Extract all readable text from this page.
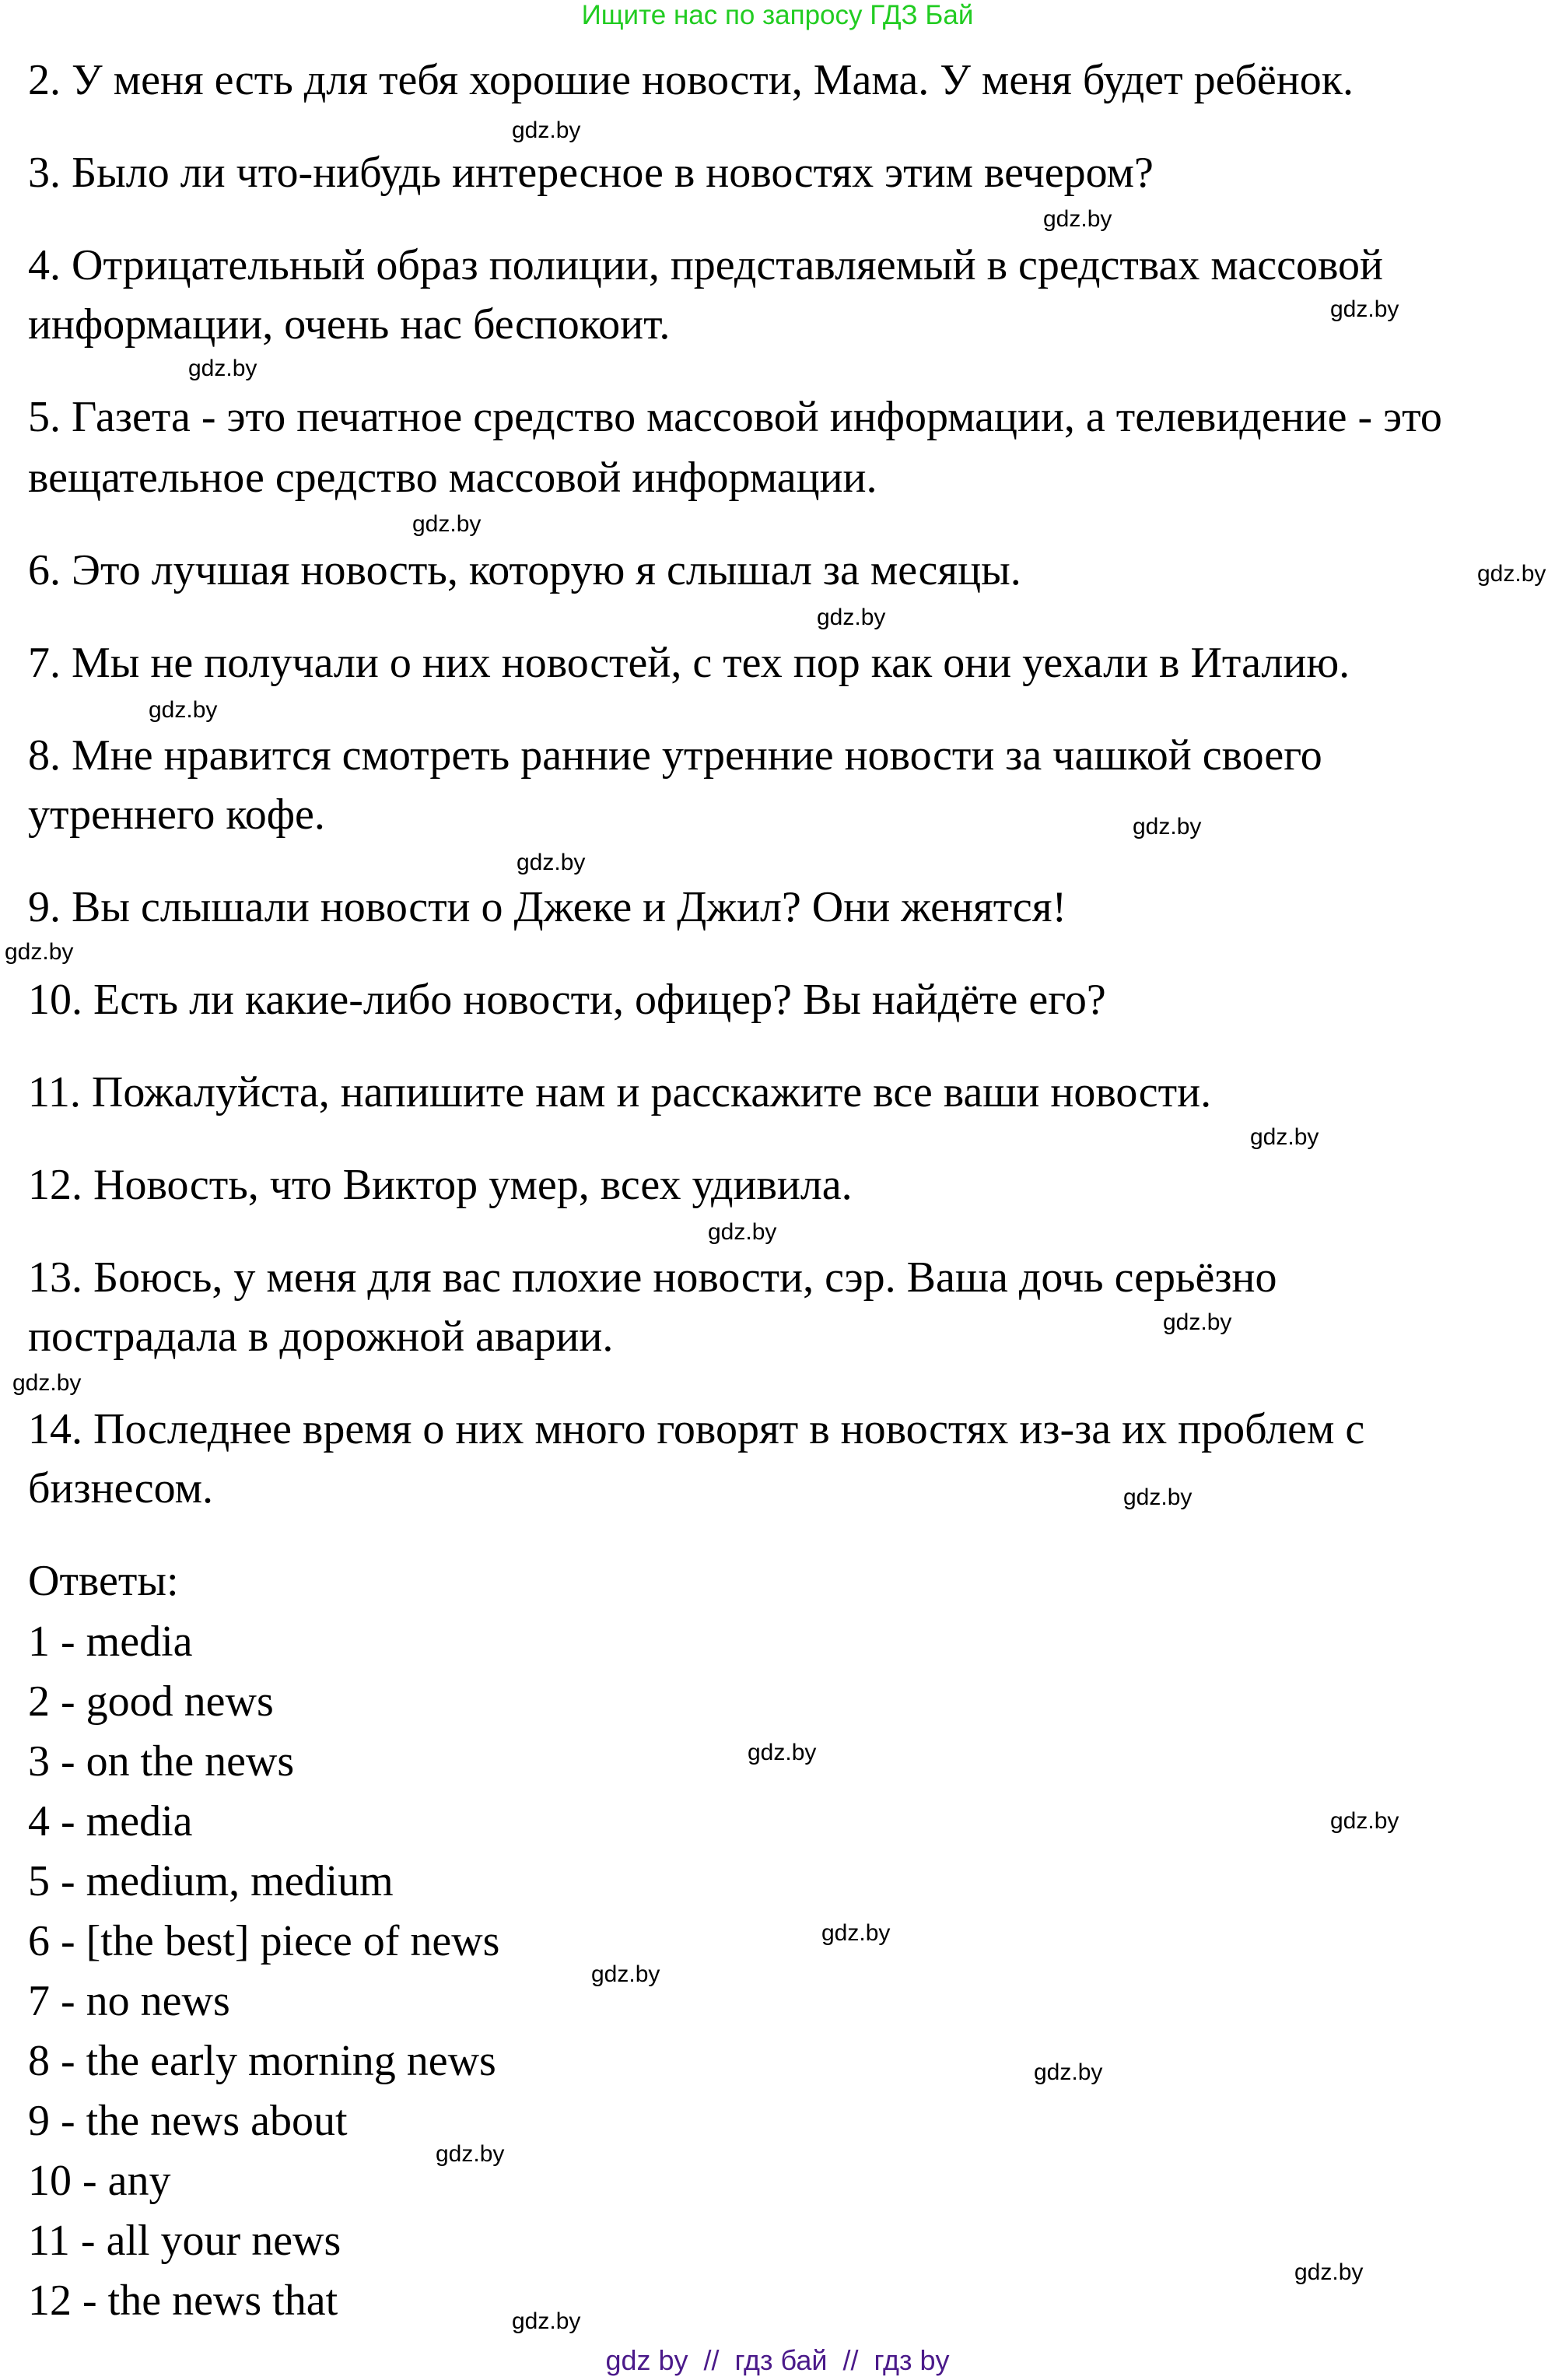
Ищите нас по запросу ГДЗ Бай
2. У меня есть для тебя хорошие новости, Мама. У меня будет ребёнок.
3. Было ли что-нибудь интересное в новостях этим вечером?
4. Отрицательный образ полиции, представляемый в средствах массовой
информации, очень нас беспокоит.
5. Газета - это печатное средство массовой информации, а телевидение - это
вещательное средство массовой информации.
6. Это лучшая новость, которую я слышал за месяцы.
7. Мы не получали о них новостей, с тех пор как они уехали в Италию.
8. Мне нравится смотреть ранние утренние новости за чашкой своего
утреннего кофе.
9. Вы слышали новости о Джеке и Джил? Они женятся!
10. Есть ли какие-либо новости, офицер? Вы найдёте его?
11. Пожалуйста, напишите нам и расскажите все ваши новости.
12. Новость, что Виктор умер, всех удивила.
13. Боюсь, у меня для вас плохие новости, сэр. Ваша дочь серьёзно
пострадала в дорожной аварии.
14. Последнее время о них много говорят в новостях из-за их проблем с
бизнесом.
Ответы:
1 - media
2 - good news
3 - on the news
4 - media
5 - medium, medium
6 - [the best] piece of news
7 - no news
8 - the early morning news
9 - the news about
10 - any
11 - all your news
12 - the news that
gdz.by
gdz.by
gdz.by
gdz.by
gdz.by
gdz.by
gdz.by
gdz.by
gdz.by
gdz.by
gdz.by
gdz.by
gdz.by
gdz.by
gdz.by
gdz.by
gdz.by
gdz.by
gdz.by
gdz.by
gdz.by
gdz.by
gdz.by
gdz.by
gdz by  //  гдз бай  //  гдз by
